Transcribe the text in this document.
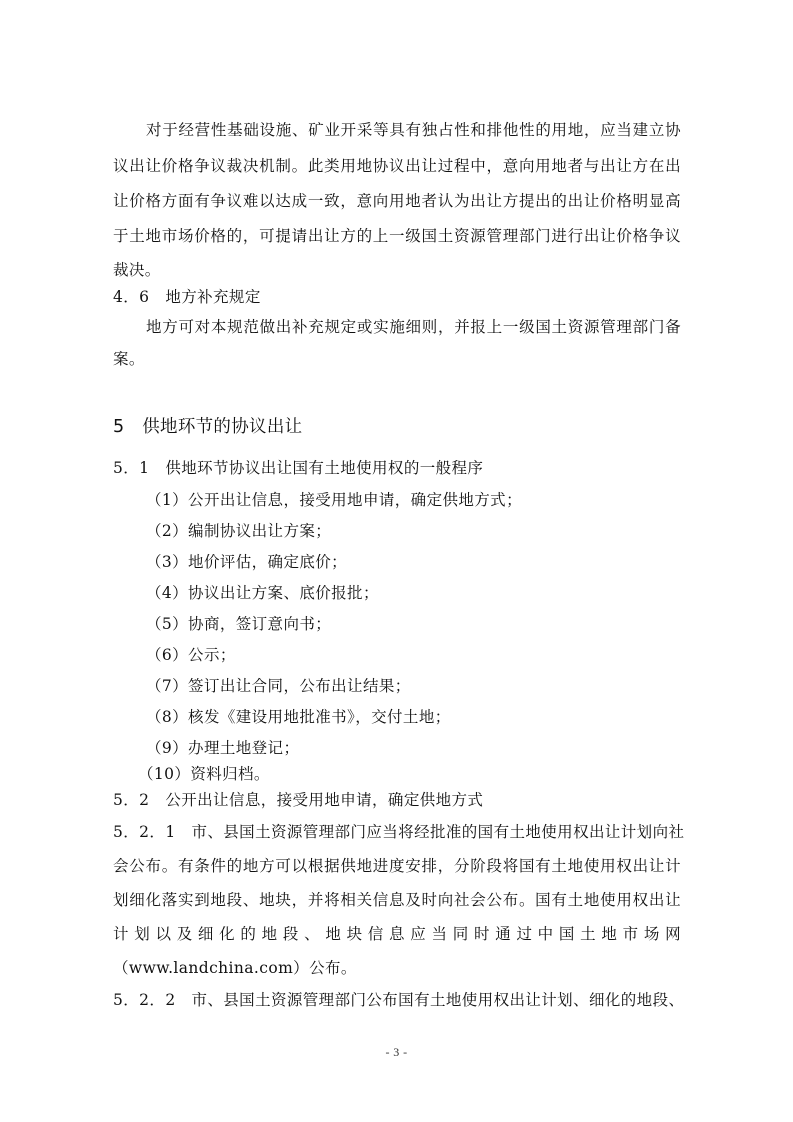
对于经营性基础设施、矿业开采等具有独占性和排他性的用地，应当建立协
议出让价格争议裁决机制。此类用地协议出让过程中，意向用地者与出让方在出
让价格方面有争议难以达成一致，意向用地者认为出让方提出的出让价格明显高
于土地市场价格的，可提请出让方的上一级国土资源管理部门进行出让价格争议
裁决。
4．6　地方补充规定
地方可对本规范做出补充规定或实施细则，并报上一级国土资源管理部门备
案。
5　供地环节的协议出让
5．1　供地环节协议出让国有土地使用权的一般程序
（1）公开出让信息，接受用地申请，确定供地方式；
（2）编制协议出让方案；
（3）地价评估，确定底价；
（4）协议出让方案、底价报批；
（5）协商，签订意向书；
（6）公示；
（7）签订出让合同，公布出让结果；
（8）核发《建设用地批准书》，交付土地；
（9）办理土地登记；
（10）资料归档。
5．2　公开出让信息，接受用地申请，确定供地方式
5．2．1　市、县国土资源管理部门应当将经批准的国有土地使用权出让计划向社
会公布。有条件的地方可以根据供地进度安排，分阶段将国有土地使用权出让计
划细化落实到地段、地块，并将相关信息及时向社会公布。国有土地使用权出让
计划以及细化的地段、地块信息应当同时通过中国土地市场网
（www.landchina.com）公布。
5．2．2　市、县国土资源管理部门公布国有土地使用权出让计划、细化的地段、
- 3 -
